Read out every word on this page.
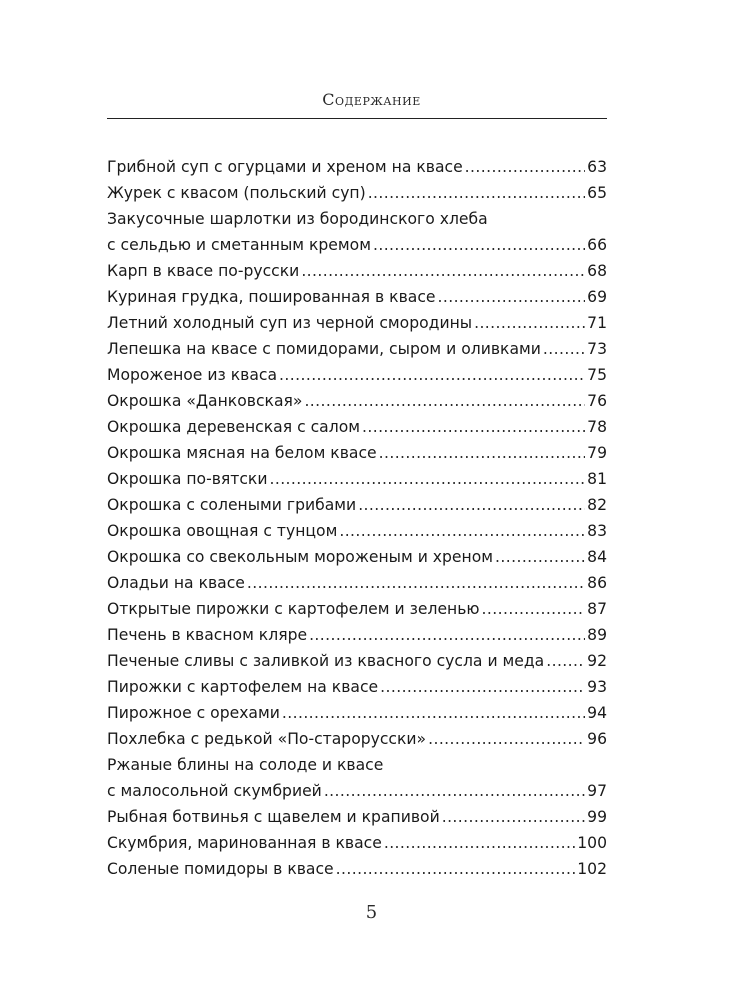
Содержание
Грибной суп с огурцами и хреном на квасе .....	63
Журек с квасом (польский суп) .....	65
Закусочные шарлотки из бородинского хлеба
с сельдью и сметанным кремом .....	66
Карп в квасе по-русски .....	68
Куриная грудка, пошированная в квасе .....	69
Летний холодный суп из черной смородины .....	71
Лепешка на квасе с помидорами, сыром и оливками .....	73
Мороженое из кваса .....	75
Окрошка «Данковская» .....	76
Окрошка деревенская с салом .....	78
Окрошка мясная на белом квасе .....	79
Окрошка по-вятски .....	81
Окрошка с солеными грибами .....	82
Окрошка овощная с тунцом .....	83
Окрошка со свекольным мороженым и хреном .....	84
Оладьи на квасе .....	86
Открытые пирожки с картофелем и зеленью .....	87
Печень в квасном кляре .....	89
Печеные сливы с заливкой из квасного сусла и меда .....	92
Пирожки с картофелем на квасе .....	93
Пирожное с орехами .....	94
Похлебка с редькой «По-старорусски» .....	96
Ржаные блины на солоде и квасе
с малосольной скумбрией .....	97
Рыбная ботвинья с щавелем и крапивой .....	99
Скумбрия, маринованная в квасе .....	100
Соленые помидоры в квасе .....	102
5
